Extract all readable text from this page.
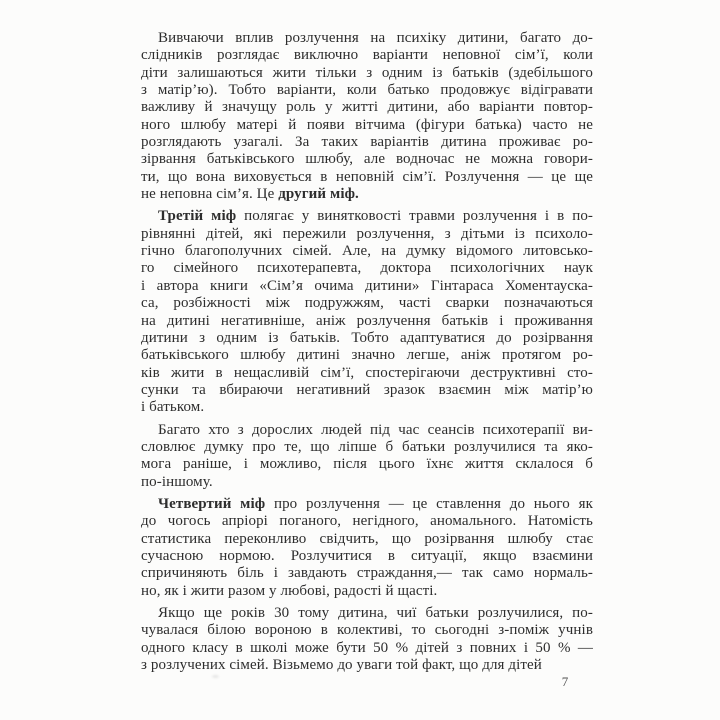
Вивчаючи вплив розлучення на психіку дитини, багато до-
слідників розглядає виключно варіанти неповної сім’ї, коли
діти залишаються жити тільки з одним із батьків (здебільшого
з матір’ю). Тобто варіанти, коли батько продовжує відігравати
важливу й значущу роль у житті дитини, або варіанти повтор-
ного шлюбу матері й появи вітчима (фігури батька) часто не
розглядають узагалі. За таких варіантів дитина проживає ро-
зірвання батьківського шлюбу, але водночас не можна говори-
ти, що вона виховується в неповній сім’ї. Розлучення — це ще
не неповна сім’я. Це другий міф.
Третій міф полягає у винятковості травми розлучення і в по-
рівнянні дітей, які пережили розлучення, з дітьми із психоло-
гічно благополучних сімей. Але, на думку відомого литовсько-
го сімейного психотерапевта, доктора психологічних наук
і автора книги «Сім’я очима дитини» Гінтараса Хоментауска-
са, розбіжності між подружжям, часті сварки позначаються
на дитині негативніше, аніж розлучення батьків і проживання
дитини з одним із батьків. Тобто адаптуватися до розірвання
батьківського шлюбу дитині значно легше, аніж протягом ро-
ків жити в нещасливій сім’ї, спостерігаючи деструктивні сто-
сунки та вбираючи негативний зразок взаємин між матір’ю
і батьком.
Багато хто з дорослих людей під час сеансів психотерапії ви-
словлює думку про те, що ліпше б батьки розлучилися та яко-
мога раніше, і можливо, після цього їхнє життя склалося б
по-іншому.
Четвертий міф про розлучення — це ставлення до нього як
до чогось апріорі поганого, негідного, аномального. Натомість
статистика переконливо свідчить, що розірвання шлюбу стає
сучасною нормою. Розлучитися в ситуації, якщо взаємини
спричиняють біль і завдають страждання,— так само нормаль-
но, як і жити разом у любові, радості й щасті.
Якщо ще років 30 тому дитина, чиї батьки розлучилися, по-
чувалася білою вороною в колективі, то сьогодні з-поміж учнів
одного класу в школі може бути 50 % дітей з повних і 50 % —
з розлучених сімей. Візьмемо до уваги той факт, що для дітей
7
